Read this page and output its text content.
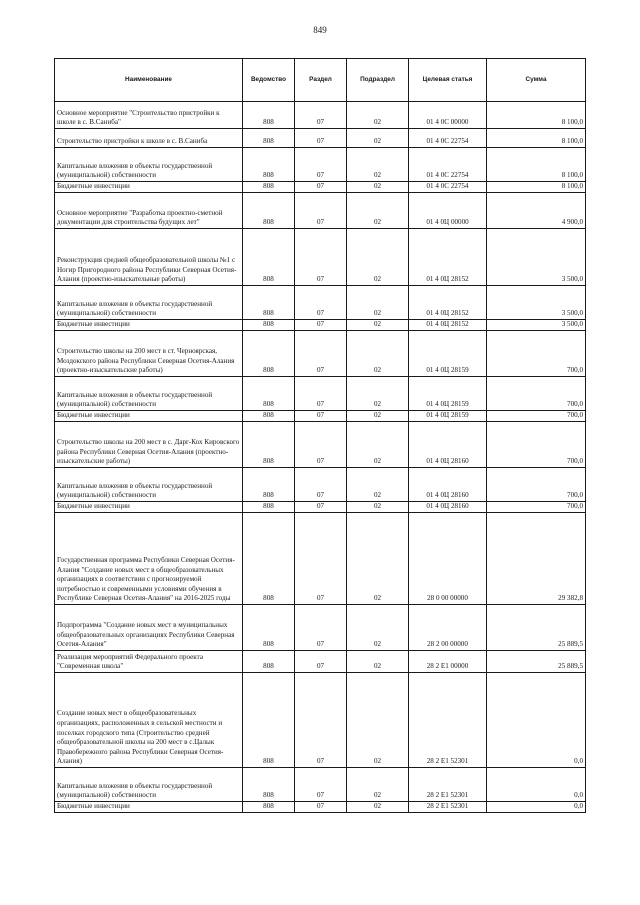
849
Наименование	Ведомство	Раздел	Подраздел	Целевая статья	Сумма
Основное мероприятие "Строительство пристройки к школе в с. В.Саниба"	808	07	02	01 4 0С 00000	8 100,0
Строительство пристройки к школе в с. В.Саниба	808	07	02	01 4 0С 22754	8 100,0
Капитальные вложения в объекты государственной (муниципальной) собственности	808	07	02	01 4 0С 22754	8 100,0
Бюджетные инвестиции	808	07	02	01 4 0С 22754	8 100,0
Основное мероприятие "Разработка проектно-сметной документации для строительства будущих лет"	808	07	02	01 4 0Ц 00000	4 900,0
Реконструкция средней общеобразовательной школы №1 с Ногир Пригородного района Республики Северная Осетия-Алания (проектно-изыскательные работы)	808	07	02	01 4 0Ц 28152	3 500,0
Капитальные вложения в объекты государственной (муниципальной) собственности	808	07	02	01 4 0Ц 28152	3 500,0
Бюджетные инвестиции	808	07	02	01 4 0Ц 28152	3 500,0
Строительство школы на 200 мест в ст. Черноярская, Моздокского района Республики Северная Осетия-Алания (проектно-изыскательские работы)	808	07	02	01 4 0Ц 28159	700,0
Капитальные вложения в объекты государственной (муниципальной) собственности	808	07	02	01 4 0Ц 28159	700,0
Бюджетные инвестиции	808	07	02	01 4 0Ц 28159	700,0
Строительство школы на 200 мест в с. Дарг-Кох Кировского района Республики Северная Осетия-Алания (проектно-изыскательские работы)	808	07	02	01 4 0Ц 28160	700,0
Капитальные вложения в объекты государственной (муниципальной) собственности	808	07	02	01 4 0Ц 28160	700,0
Бюджетные инвестиции	808	07	02	01 4 0Ц 28160	700,0
Государственная программа Республики Северная Осетия-Алания "Создание новых мест в общеобразовательных организациях в соответствии с прогнозируемой потребностью и современными условиями обучения в Республике Северная Осетия-Алания" на 2016-2025 годы	808	07	02	28 0 00 00000	29 382,8
Подпрограмма "Создание новых мест в муниципальных общеобразовательных организациях Республики Северная Осетия-Алания"	808	07	02	28 2 00 00000	25 889,5
Реализация мероприятий Федерального проекта "Современная школа"	808	07	02	28 2 E1 00000	25 889,5
Создание новых мест в общеобразовательных организациях, расположенных в сельской местности и поселках городского типа (Строительство средней общеобразовательной школы на 200 мест в с.Цалык Правобережного района Республики Северная Осетия-Алания)	808	07	02	28 2 E1 52301	0,0
Капитальные вложения в объекты государственной (муниципальной) собственности	808	07	02	28 2 E1 52301	0,0
Бюджетные инвестиции	808	07	02	28 2 E1 52301	0,0
